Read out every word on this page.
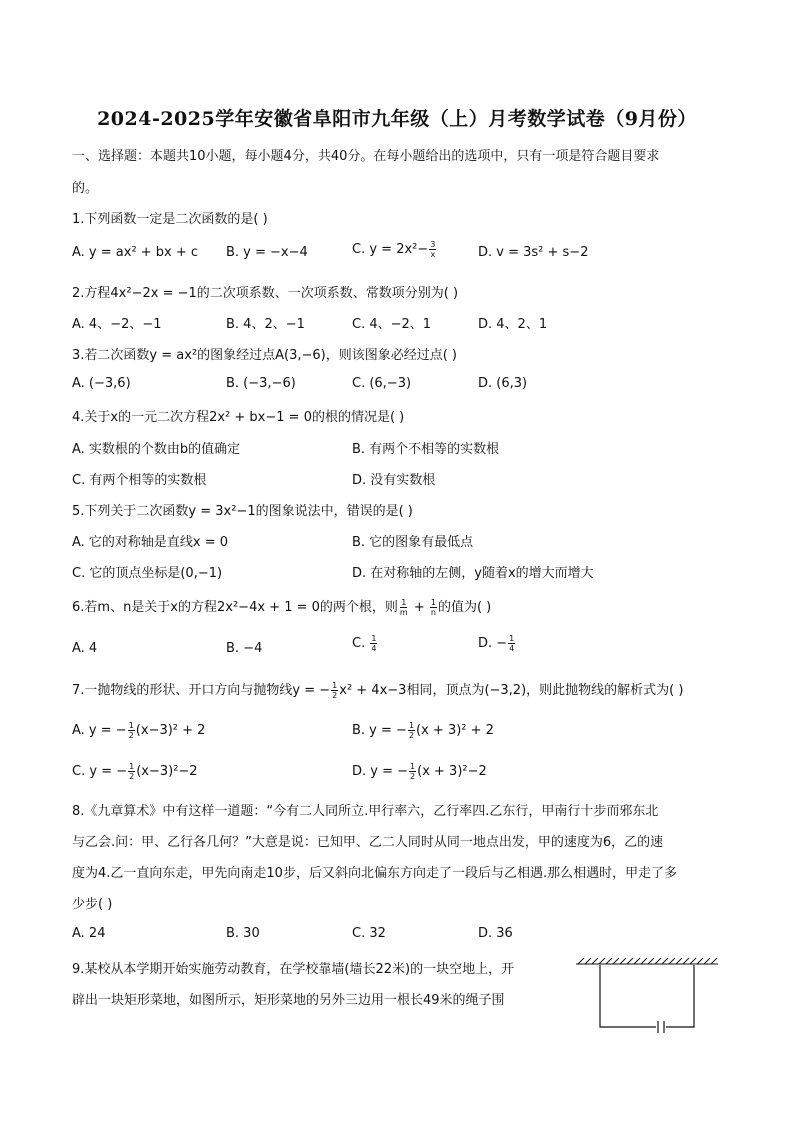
2024-2025学年安徽省阜阳市九年级（上）月考数学试卷（9月份）
一、选择题：本题共10小题，每小题4分，共40分。在每小题给出的选项中，只有一项是符合题目要求
的。
1.下列函数一定是二次函数的是( )
A. y = ax² + bx + c B. y = −x−4	C. $y = 2x^2- \frac{3}{x}$	D. v = 3s² + s−2
2.方程4x²−2x = −1的二次项系数、一次项系数、常数项分别为( )
A. 4、−2、−1	B. 4、2、−1	C. 4、−2、1	D. 4、2、1
3.若二次函数y = ax²的图象经过点A(3,−6)，则该图象必经过点( )
A. (−3,6)	B. (−3,−6)	C. (6,−3)	D. (6,3)
4.关于x的一元二次方程2x² + bx−1 = 0的根的情况是( )
A. 实数根的个数由b的值确定	B. 有两个不相等的实数根
C. 有两个相等的实数根	D. 没有实数根
5.下列关于二次函数y = 3x²−1的图象说法中，错误的是( )
A. 它的对称轴是直线x = 0	B. 它的图象有最低点
C. 它的顶点坐标是(0,−1)	D. 在对称轴的左侧，y随着x的增大而增大
6.若m、n是关于x的方程2x²−4x + 1 = 0的两个根，则 $\frac{1}{m} + \frac{1}{n}$ 的值为( )
A. 4	B. −4	C. $\frac{1}{4}$	D. − $\frac{1}{4}$
7.一抛物线的形状、开口方向与抛物线y = − $\frac{1}{2} x^2 + 4x-3$相同，顶点为(−3,2)，则此抛物线的解析式为( )
A. y = − $\frac{1}{2} (x-3)^2 + 2$	B. y = − $\frac{1}{2} (x + 3)^2 + 2$
C. y = − $\frac{1}{2} (x-3)^2-2$	D. y = − $\frac{1}{2} (x + 3)^2-2$
8.《九章算术》中有这样一道题：“今有二人同所立.甲行率六，乙行率四.乙东行，甲南行十步而邪东北
与乙会.问：甲、乙行各几何？”大意是说：已知甲、乙二人同时从同一地点出发，甲的速度为6，乙的速
度为4.乙一直向东走，甲先向南走10步，后又斜向北偏东方向走了一段后与乙相遇.那么相遇时，甲走了多
少步( )
A. 24	B. 30	C. 32	D. 36
9.某校从本学期开始实施劳动教育，在学校靠墙(墙长22米)的一块空地上，开
辟出一块矩形菜地，如图所示，矩形菜地的另外三边用一根长49米的绳子围
